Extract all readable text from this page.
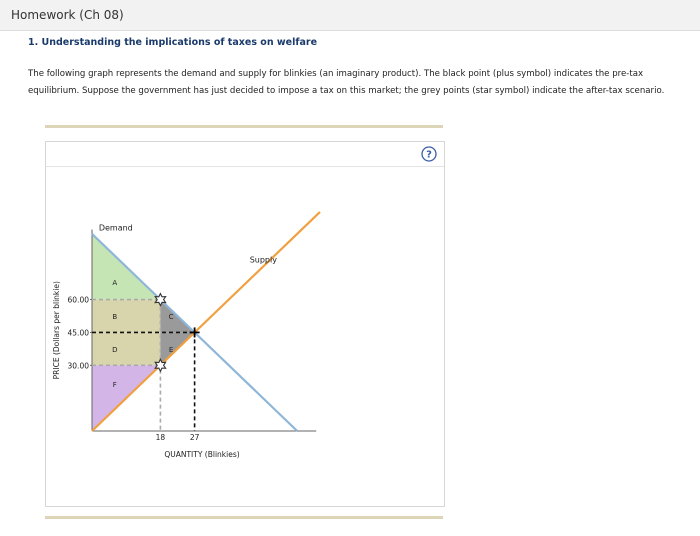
Homework (Ch 08)
1. Understanding the implications of taxes on welfare
The following graph represents the demand and supply for blinkies (an imaginary product). The black point (plus symbol) indicates the pre-tax equilibrium. Suppose the government has just decided to impose a tax on this market; the grey points (star symbol) indicate the after-tax scenario.
?
Demand
Supply
A
B	C
D	E
F
60.00
45.00
30.00
18	27
QUANTITY (Blinkies)
PRICE (Dollars per blinkie)
